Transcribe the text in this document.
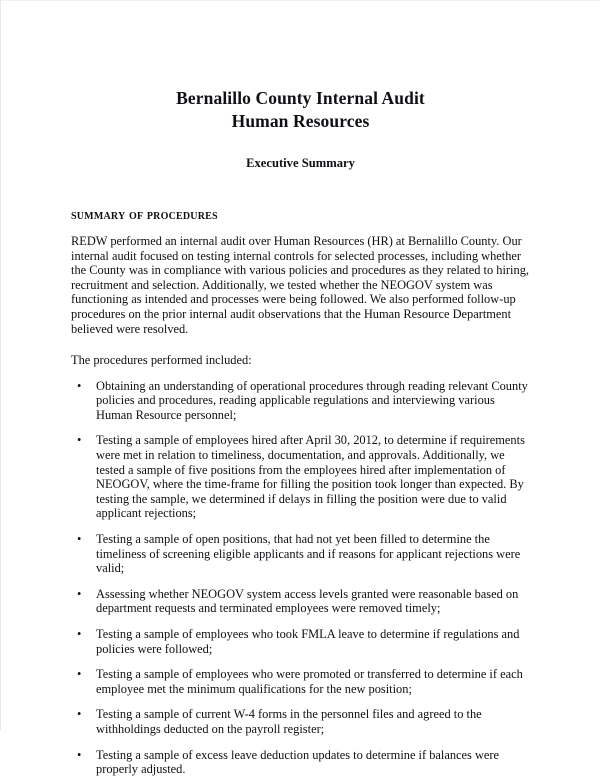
Bernalillo County Internal Audit
Human Resources
Executive Summary
summary of procedures

REDW performed an internal audit over Human Resources (HR) at Bernalillo County. Our internal audit focused on testing internal controls for selected processes, including whether the County was in compliance with various policies and procedures as they related to hiring, recruitment and selection. Additionally, we tested whether the NEOGOV system was functioning as intended and processes were being followed. We also performed follow-up procedures on the prior internal audit observations that the Human Resource Department believed were resolved.

The procedures performed included:

• Obtaining an understanding of operational procedures through reading relevant County policies and procedures, reading applicable regulations and interviewing various Human Resource personnel;
• Testing a sample of employees hired after April 30, 2012, to determine if requirements were met in relation to timeliness, documentation, and approvals. Additionally, we tested a sample of five positions from the employees hired after implementation of NEOGOV, where the time-frame for filling the position took longer than expected. By testing the sample, we determined if delays in filling the position were due to valid applicant rejections;
• Testing a sample of open positions, that had not yet been filled to determine the timeliness of screening eligible applicants and if reasons for applicant rejections were valid;
• Assessing whether NEOGOV system access levels granted were reasonable based on department requests and terminated employees were removed timely;
• Testing a sample of employees who took FMLA leave to determine if regulations and policies were followed;
• Testing a sample of employees who were promoted or transferred to determine if each employee met the minimum qualifications for the new position;
• Testing a sample of current W-4 forms in the personnel files and agreed to the withholdings deducted on the payroll register;
• Testing a sample of excess leave deduction updates to determine if balances were properly adjusted.
